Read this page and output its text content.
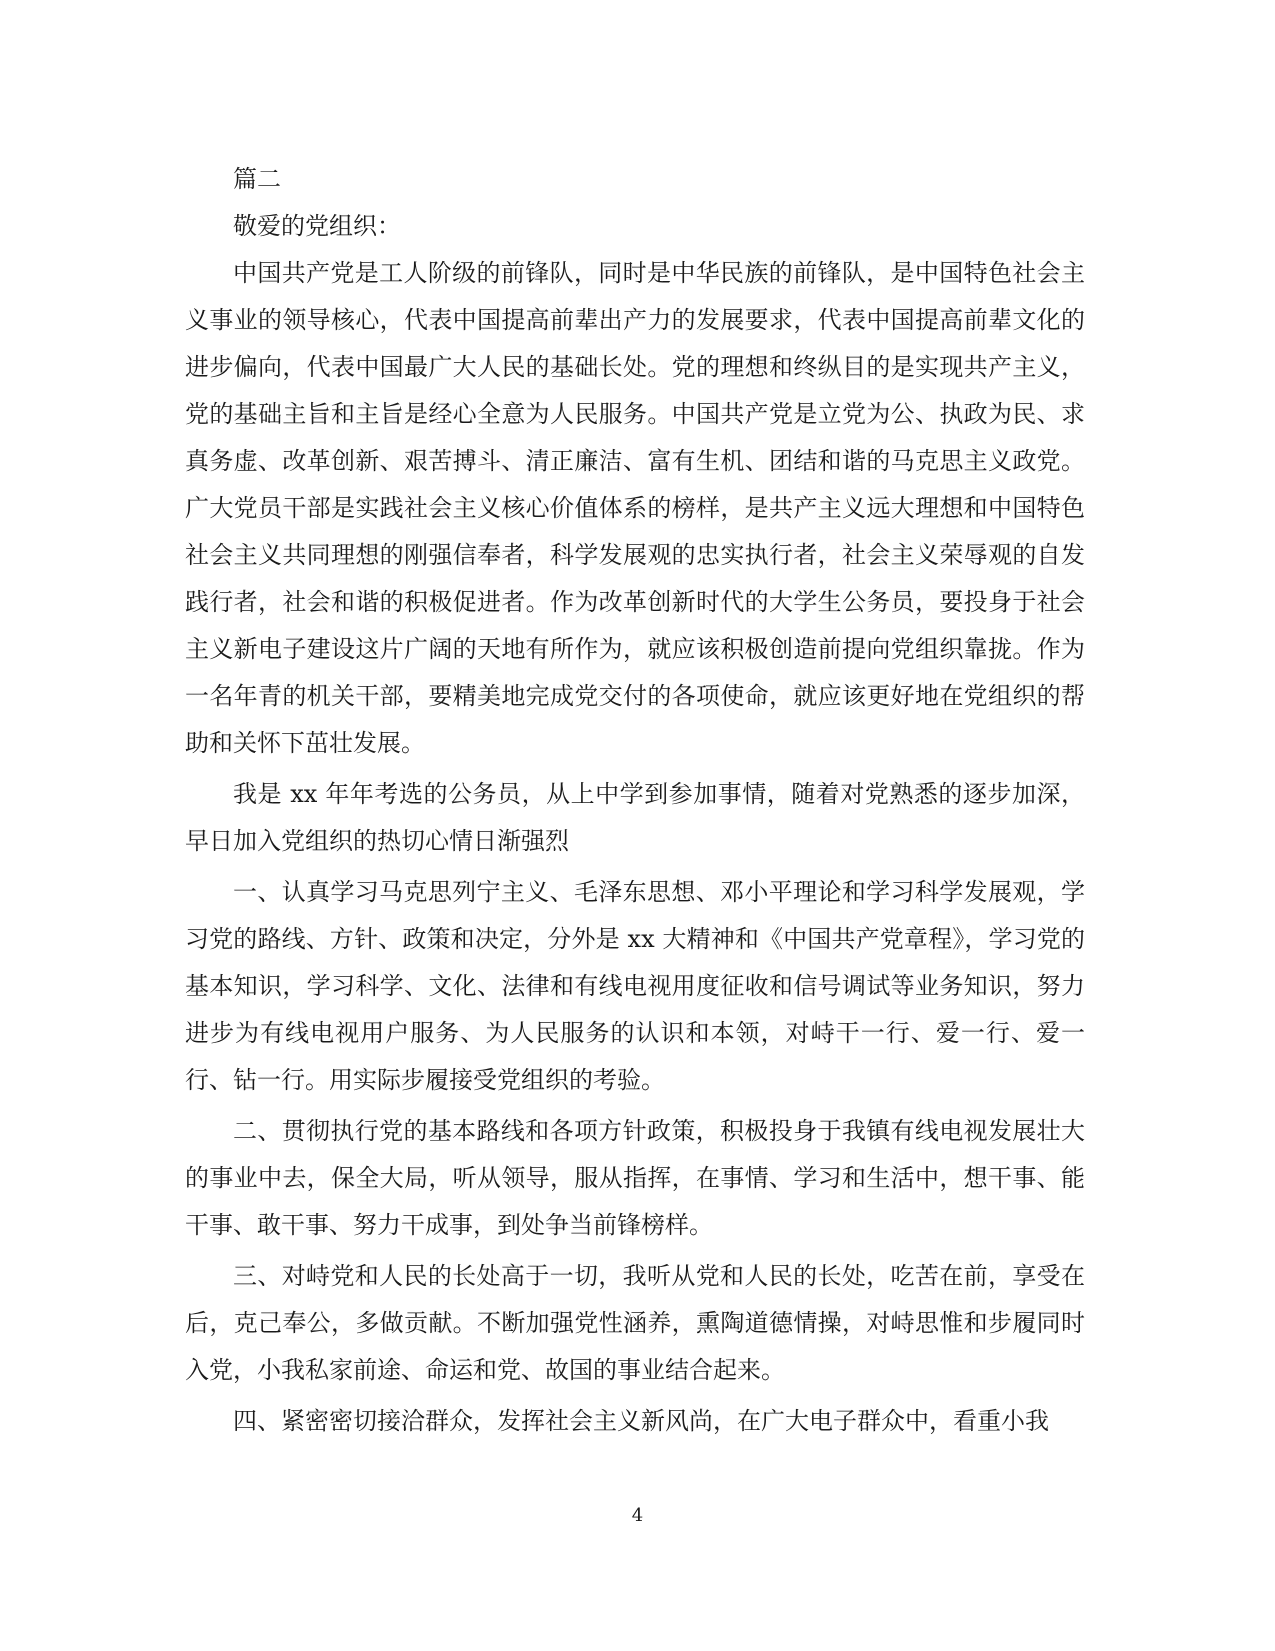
篇二

敬爱的党组织：

中国共产党是工人阶级的前锋队，同时是中华民族的前锋队，是中国特色社会主义事业的领导核心，代表中国提高前辈出产力的发展要求，代表中国提高前辈文化的进步偏向，代表中国最广大人民的基础长处。党的理想和终纵目的是实现共产主义，党的基础主旨和主旨是经心全意为人民服务。中国共产党是立党为公、执政为民、求真务虚、改革创新、艰苦搏斗、清正廉洁、富有生机、团结和谐的马克思主义政党。广大党员干部是实践社会主义核心价值体系的榜样，是共产主义远大理想和中国特色社会主义共同理想的刚强信奉者，科学发展观的忠实执行者，社会主义荣辱观的自发践行者，社会和谐的积极促进者。作为改革创新时代的大学生公务员，要投身于社会主义新电子建设这片广阔的天地有所作为，就应该积极创造前提向党组织靠拢。作为一名年青的机关干部，要精美地完成党交付的各项使命，就应该更好地在党组织的帮助和关怀下茁壮发展。

我是 xx 年年考选的公务员，从上中学到参加事情，随着对党熟悉的逐步加深，早日加入党组织的热切心情日渐强烈

一、认真学习马克思列宁主义、毛泽东思想、邓小平理论和学习科学发展观，学习党的路线、方针、政策和决定，分外是 xx 大精神和《中国共产党章程》，学习党的基本知识，学习科学、文化、法律和有线电视用度征收和信号调试等业务知识，努力进步为有线电视用户服务、为人民服务的认识和本领，对峙干一行、爱一行、爱一行、钻一行。用实际步履接受党组织的考验。

二、贯彻执行党的基本路线和各项方针政策，积极投身于我镇有线电视发展壮大的事业中去，保全大局，听从领导，服从指挥，在事情、学习和生活中，想干事、能干事、敢干事、努力干成事，到处争当前锋榜样。

三、对峙党和人民的长处高于一切，我听从党和人民的长处，吃苦在前，享受在后，克己奉公，多做贡献。不断加强党性涵养，熏陶道德情操，对峙思惟和步履同时入党，小我私家前途、命运和党、故国的事业结合起来。

四、紧密密切接洽群众，发挥社会主义新风尚，在广大电子群众中，看重小我

4
